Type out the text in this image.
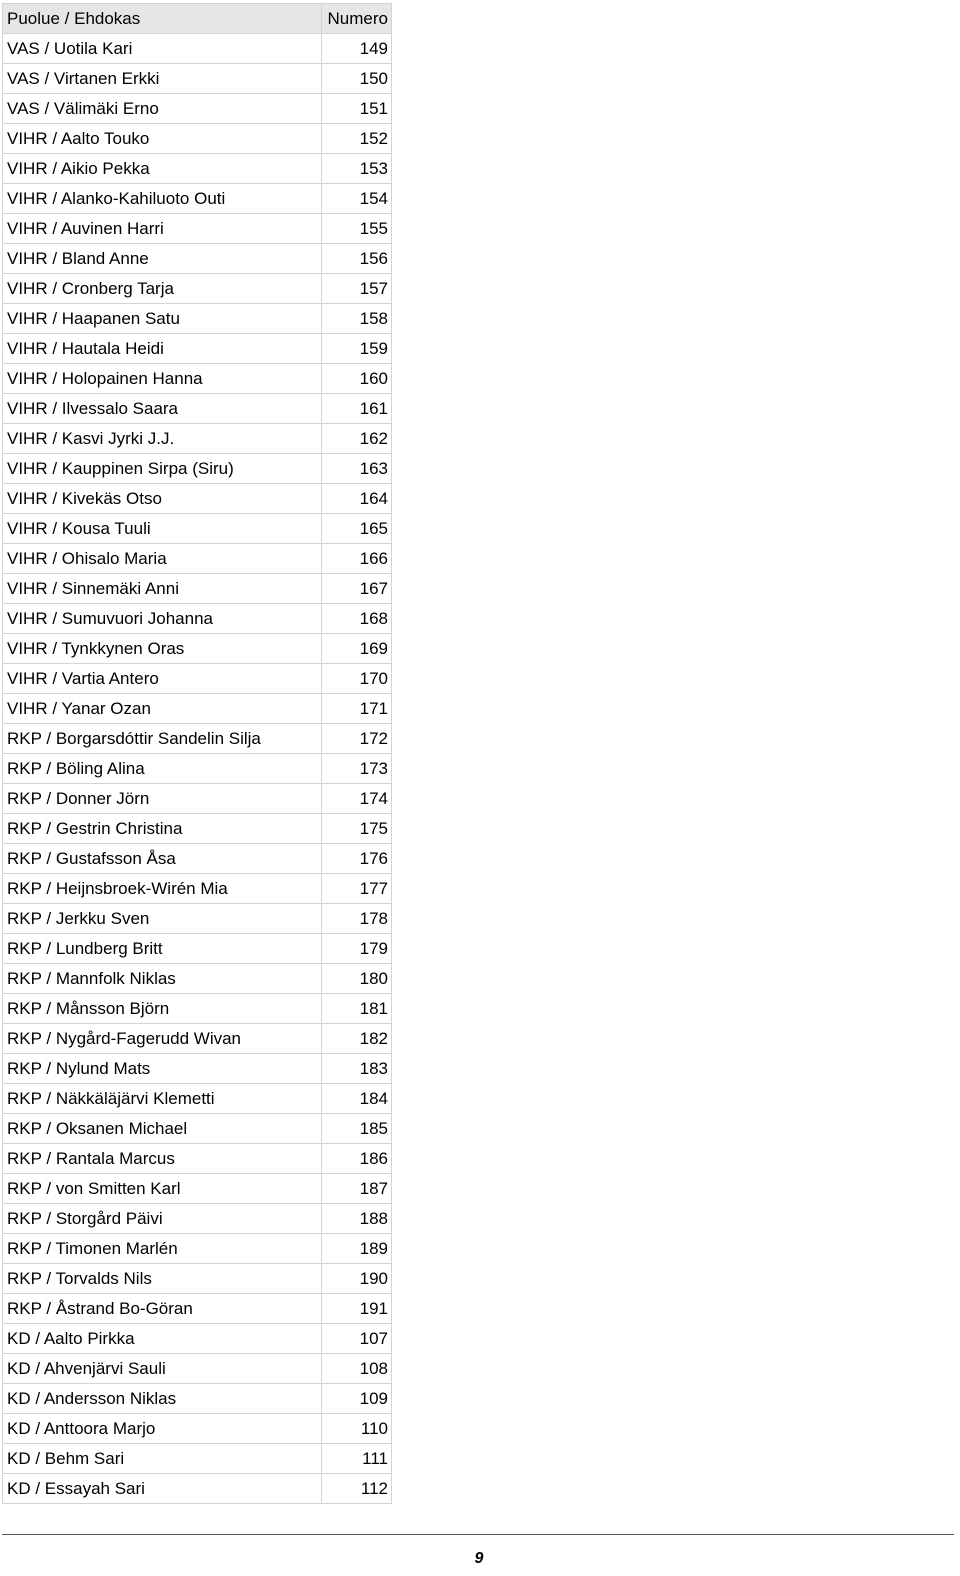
Puolue / Ehdokas	Numero
VAS / Uotila Kari	149
VAS / Virtanen Erkki	150
VAS / Välimäki Erno	151
VIHR / Aalto Touko	152
VIHR / Aikio Pekka	153
VIHR / Alanko-Kahiluoto Outi	154
VIHR / Auvinen Harri	155
VIHR / Bland Anne	156
VIHR / Cronberg Tarja	157
VIHR / Haapanen Satu	158
VIHR / Hautala Heidi	159
VIHR / Holopainen Hanna	160
VIHR / Ilvessalo Saara	161
VIHR / Kasvi Jyrki J.J.	162
VIHR / Kauppinen Sirpa (Siru)	163
VIHR / Kivekäs Otso	164
VIHR / Kousa Tuuli	165
VIHR / Ohisalo Maria	166
VIHR / Sinnemäki Anni	167
VIHR / Sumuvuori Johanna	168
VIHR / Tynkkynen Oras	169
VIHR / Vartia Antero	170
VIHR / Yanar Ozan	171
RKP / Borgarsdóttir Sandelin Silja	172
RKP / Böling Alina	173
RKP / Donner Jörn	174
RKP / Gestrin Christina	175
RKP / Gustafsson Åsa	176
RKP / Heijnsbroek-Wirén Mia	177
RKP / Jerkku Sven	178
RKP / Lundberg Britt	179
RKP / Mannfolk Niklas	180
RKP / Månsson Björn	181
RKP / Nygård-Fagerudd Wivan	182
RKP / Nylund Mats	183
RKP / Näkkäläjärvi Klemetti	184
RKP / Oksanen Michael	185
RKP / Rantala Marcus	186
RKP / von Smitten Karl	187
RKP / Storgård Päivi	188
RKP / Timonen Marlén	189
RKP / Torvalds Nils	190
RKP / Åstrand Bo-Göran	191
KD / Aalto Pirkka	107
KD / Ahvenjärvi Sauli	108
KD / Andersson Niklas	109
KD / Anttoora Marjo	110
KD / Behm Sari	111
KD / Essayah Sari	112
9
